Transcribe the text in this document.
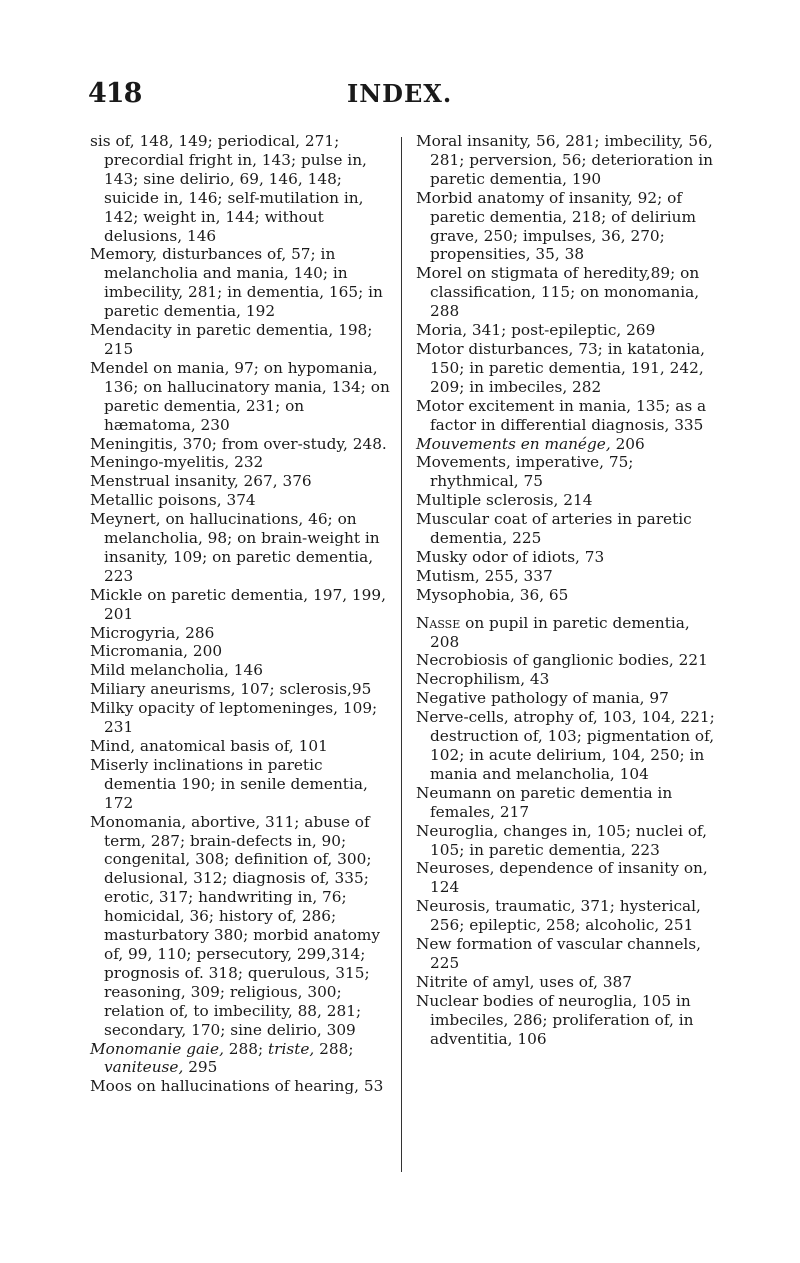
418	INDEX.

sis of, 148, 149; periodical, 271; precordial fright in, 143; pulse in, 143; sine delirio, 69, 146, 148; suicide in, 146; self-mutilation in, 142; weight in, 144; without delusions, 146

Memory, disturbances of, 57; in melancholia and mania, 140; in imbecility, 281; in dementia, 165; in paretic dementia, 192

Mendacity in paretic dementia, 198; 215

Mendel on mania, 97; on hypomania, 136; on hallucinatory mania, 134; on paretic dementia, 231; on hæmatoma, 230

Meningitis, 370; from over-study, 248.

Meningo-myelitis, 232

Menstrual insanity, 267, 376

Metallic poisons, 374

Meynert, on hallucinations, 46; on melancholia, 98; on brain-weight in insanity, 109; on paretic dementia, 223

Mickle on paretic dementia, 197, 199, 201

Microgyria, 286

Micromania, 200

Mild melancholia, 146

Miliary aneurisms, 107; sclerosis,95

Milky opacity of leptomeninges, 109; 231

Mind, anatomical basis of, 101

Miserly inclinations in paretic dementia 190; in senile dementia, 172

Monomania, abortive, 311; abuse of term, 287; brain-defects in, 90; congenital, 308; definition of, 300; delusional, 312; diagnosis of, 335; erotic, 317; handwriting in, 76; homicidal, 36; history of, 286; masturbatory 380; morbid anatomy of, 99, 110; persecutory, 299,314; prognosis of. 318; querulous, 315; reasoning, 309; religious, 300; relation of, to imbecility, 88, 281; secondary, 170; sine delirio, 309

Monomanie gaie, 288; triste, 288; vaniteuse, 295

Moos on hallucinations of hearing, 53

Moral insanity, 56, 281; imbecility, 56, 281; perversion, 56; deterioration in paretic dementia, 190

Morbid anatomy of insanity, 92; of paretic dementia, 218; of delirium grave, 250; impulses, 36, 270; propensities, 35, 38

Morel on stigmata of heredity,89; on classification, 115; on monomania, 288

Moria, 341; post-epileptic, 269

Motor disturbances, 73; in katatonia, 150; in paretic dementia, 191, 242, 209; in imbeciles, 282

Motor excitement in mania, 135; as a factor in differential diagnosis, 335

Mouvements en manége, 206

Movements, imperative, 75; rhythmical, 75

Multiple sclerosis, 214

Muscular coat of arteries in paretic dementia, 225

Musky odor of idiots, 73

Mutism, 255, 337

Mysophobia, 36, 65

Nasse on pupil in paretic dementia, 208

Necrobiosis of ganglionic bodies, 221

Necrophilism, 43

Negative pathology of mania, 97

Nerve-cells, atrophy of, 103, 104, 221; destruction of, 103; pigmentation of, 102; in acute delirium, 104, 250; in mania and melancholia, 104

Neumann on paretic dementia in females, 217

Neuroglia, changes in, 105; nuclei of, 105; in paretic dementia, 223

Neuroses, dependence of insanity on, 124

Neurosis, traumatic, 371; hysterical, 256; epileptic, 258; alcoholic, 251

New formation of vascular channels, 225

Nitrite of amyl, uses of, 387

Nuclear bodies of neuroglia, 105 in imbeciles, 286; proliferation of, in adventitia, 106
